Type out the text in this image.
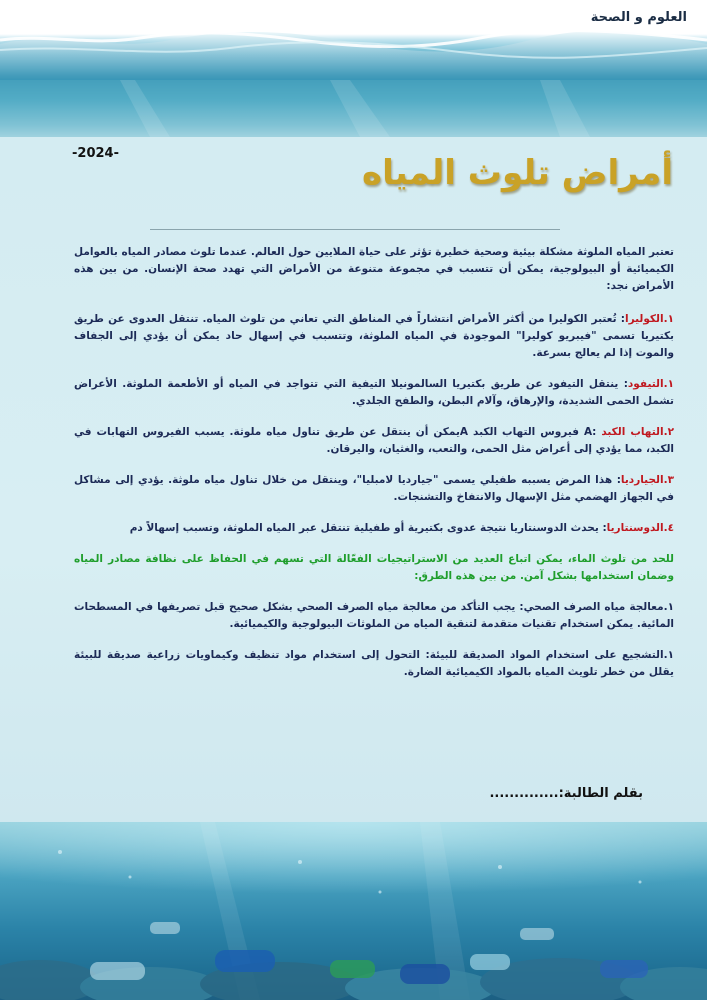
العلوم و الصحة
-2024-	أمراض تلوث المياه

تعتبر المياه الملوثة مشكلة بيئية وصحية خطيرة تؤثر على حياة الملايين حول العالم. عندما تلوث مصادر المياه بالعوامل الكيميائية أو البيولوجية، يمكن أن تتسبب في مجموعة متنوعة من الأمراض التي تهدد صحة الإنسان. من بين هذه الأمراض نجد:

١.الكوليرا: تُعتبر الكوليرا من أكثر الأمراض انتشاراً في المناطق التي تعاني من تلوث المياه. تنتقل العدوى عن طريق بكتيريا تسمى "فيبريو كوليرا" الموجودة في المياه الملوثة، وتتسبب في إسهال حاد يمكن أن يؤدي إلى الجفاف والموت إذا لم يعالج بسرعة.

١.التيفود: ينتقل التيفود عن طريق بكتيريا السالمونيلا التيفية التي تتواجد في المياه أو الأطعمة الملوثة. الأعراض تشمل الحمى الشديدة، والإرهاق، وآلام البطن، والطفح الجلدي.

٢.التهاب الكبد :A فيروس التهاب الكبد Aيمكن أن ينتقل عن طريق تناول مياه ملوثة. يسبب الفيروس التهابات في الكبد، مما يؤدي إلى أعراض مثل الحمى، والتعب، والغثيان، واليرقان.

٣.الجيارديا: هذا المرض يسببه طفيلي يسمى "جيارديا لامبليا"، وينتقل من خلال تناول مياه ملوثة. يؤدي إلى مشاكل في الجهاز الهضمي مثل الإسهال والانتفاخ والتشنجات.

٤.الدوسنتاريا: يحدث الدوسنتاريا نتيجة عدوى بكتيرية أو طفيلية تنتقل عبر المياه الملوثة، وتسبب إسهالاً دم

للحد من تلوث الماء، يمكن اتباع العديد من الاستراتيجيات الفعّالة التي تسهم في الحفاظ على نظافة مصادر المياه وضمان استخدامها بشكل آمن. من بين هذه الطرق:

١.معالجة مياه الصرف الصحي: يجب التأكد من معالجة مياه الصرف الصحي بشكل صحيح قبل تصريفها في المسطحات المائية. يمكن استخدام تقنيات متقدمة لتنقية المياه من الملوثات البيولوجية والكيميائية.

١.التشجيع على استخدام المواد الصديقة للبيئة: التحول إلى استخدام مواد تنظيف وكيماويات زراعية صديقة للبيئة يقلل من خطر تلويث المياه بالمواد الكيميائية الضارة.

بقلم الطالبة:..............
